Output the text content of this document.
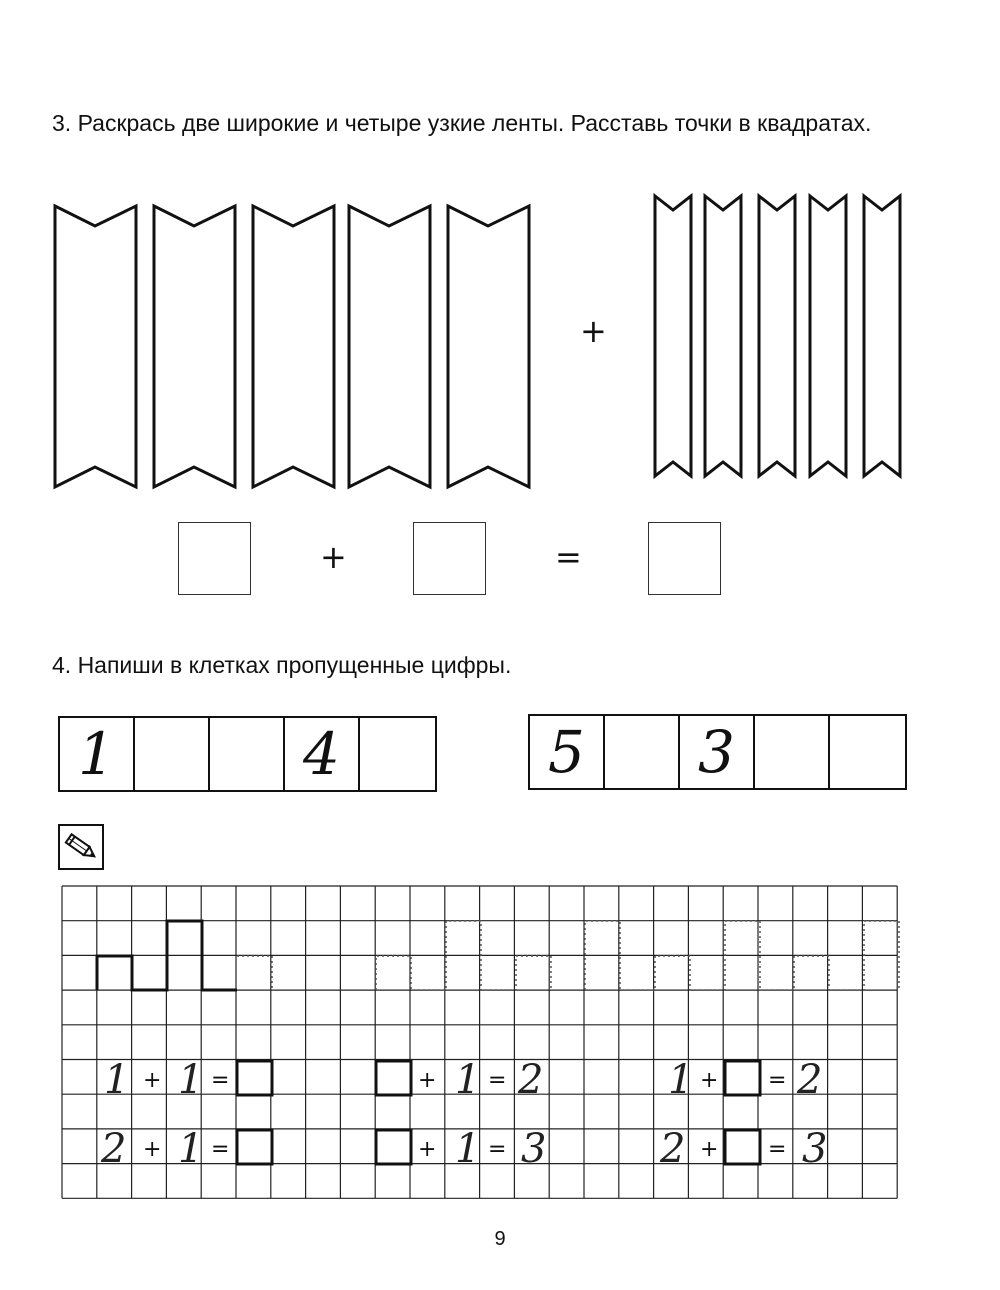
3. Раскрась две широкие и четыре узкие ленты. Расставь точки в квадратах.
+
+	=
4. Напиши в клетках пропущенные цифры.
1	4	5	3
1 + 1 =	+ 1 = 2	1 + = 2
2 + 1 =	+ 1 = 3	2 + = 3
9
